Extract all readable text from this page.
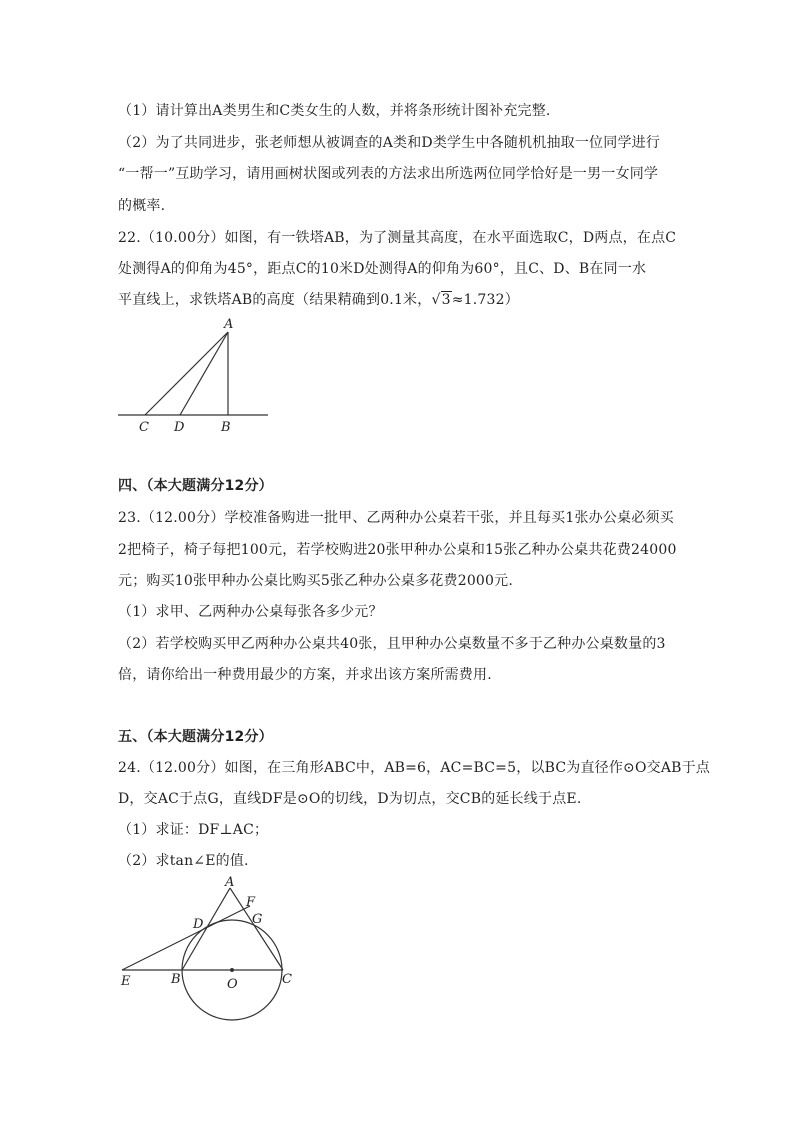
（1）请计算出A类男生和C类女生的人数，并将条形统计图补充完整.
（2）为了共同进步，张老师想从被调查的A类和D类学生中各随机机抽取一位同学进行
“一帮一”互助学习，请用画树状图或列表的方法求出所选两位同学恰好是一男一女同学
的概率.
22.（10.00分）如图，有一铁塔AB，为了测量其高度，在水平面选取C，D两点，在点C
处测得A的仰角为45°，距点C的10米D处测得A的仰角为60°，且C、D、B在同一水
平直线上，求铁塔AB的高度（结果精确到0.1米，√3≈1.732）
A
C D	B
四、（本大题满分12分）
23.（12.00分）学校准备购进一批甲、乙两种办公桌若干张，并且每买1张办公桌必须买
2把椅子，椅子每把100元，若学校购进20张甲种办公桌和15张乙种办公桌共花费24000
元；购买10张甲种办公桌比购买5张乙种办公桌多花费2000元.
（1）求甲、乙两种办公桌每张各多少元？
（2）若学校购买甲乙两种办公桌共40张，且甲种办公桌数量不多于乙种办公桌数量的3
倍，请你给出一种费用最少的方案，并求出该方案所需费用.
五、（本大题满分12分）
24.（12.00分）如图，在三角形ABC中，AB=6，AC=BC=5，以BC为直径作⊙O交AB于点
D，交AC于点G，直线DF是⊙O的切线，D为切点，交CB的延长线于点E.
（1）求证：DF⊥AC；
（2）求tan∠E的值.
A
F
D	G
E	B	O	C
